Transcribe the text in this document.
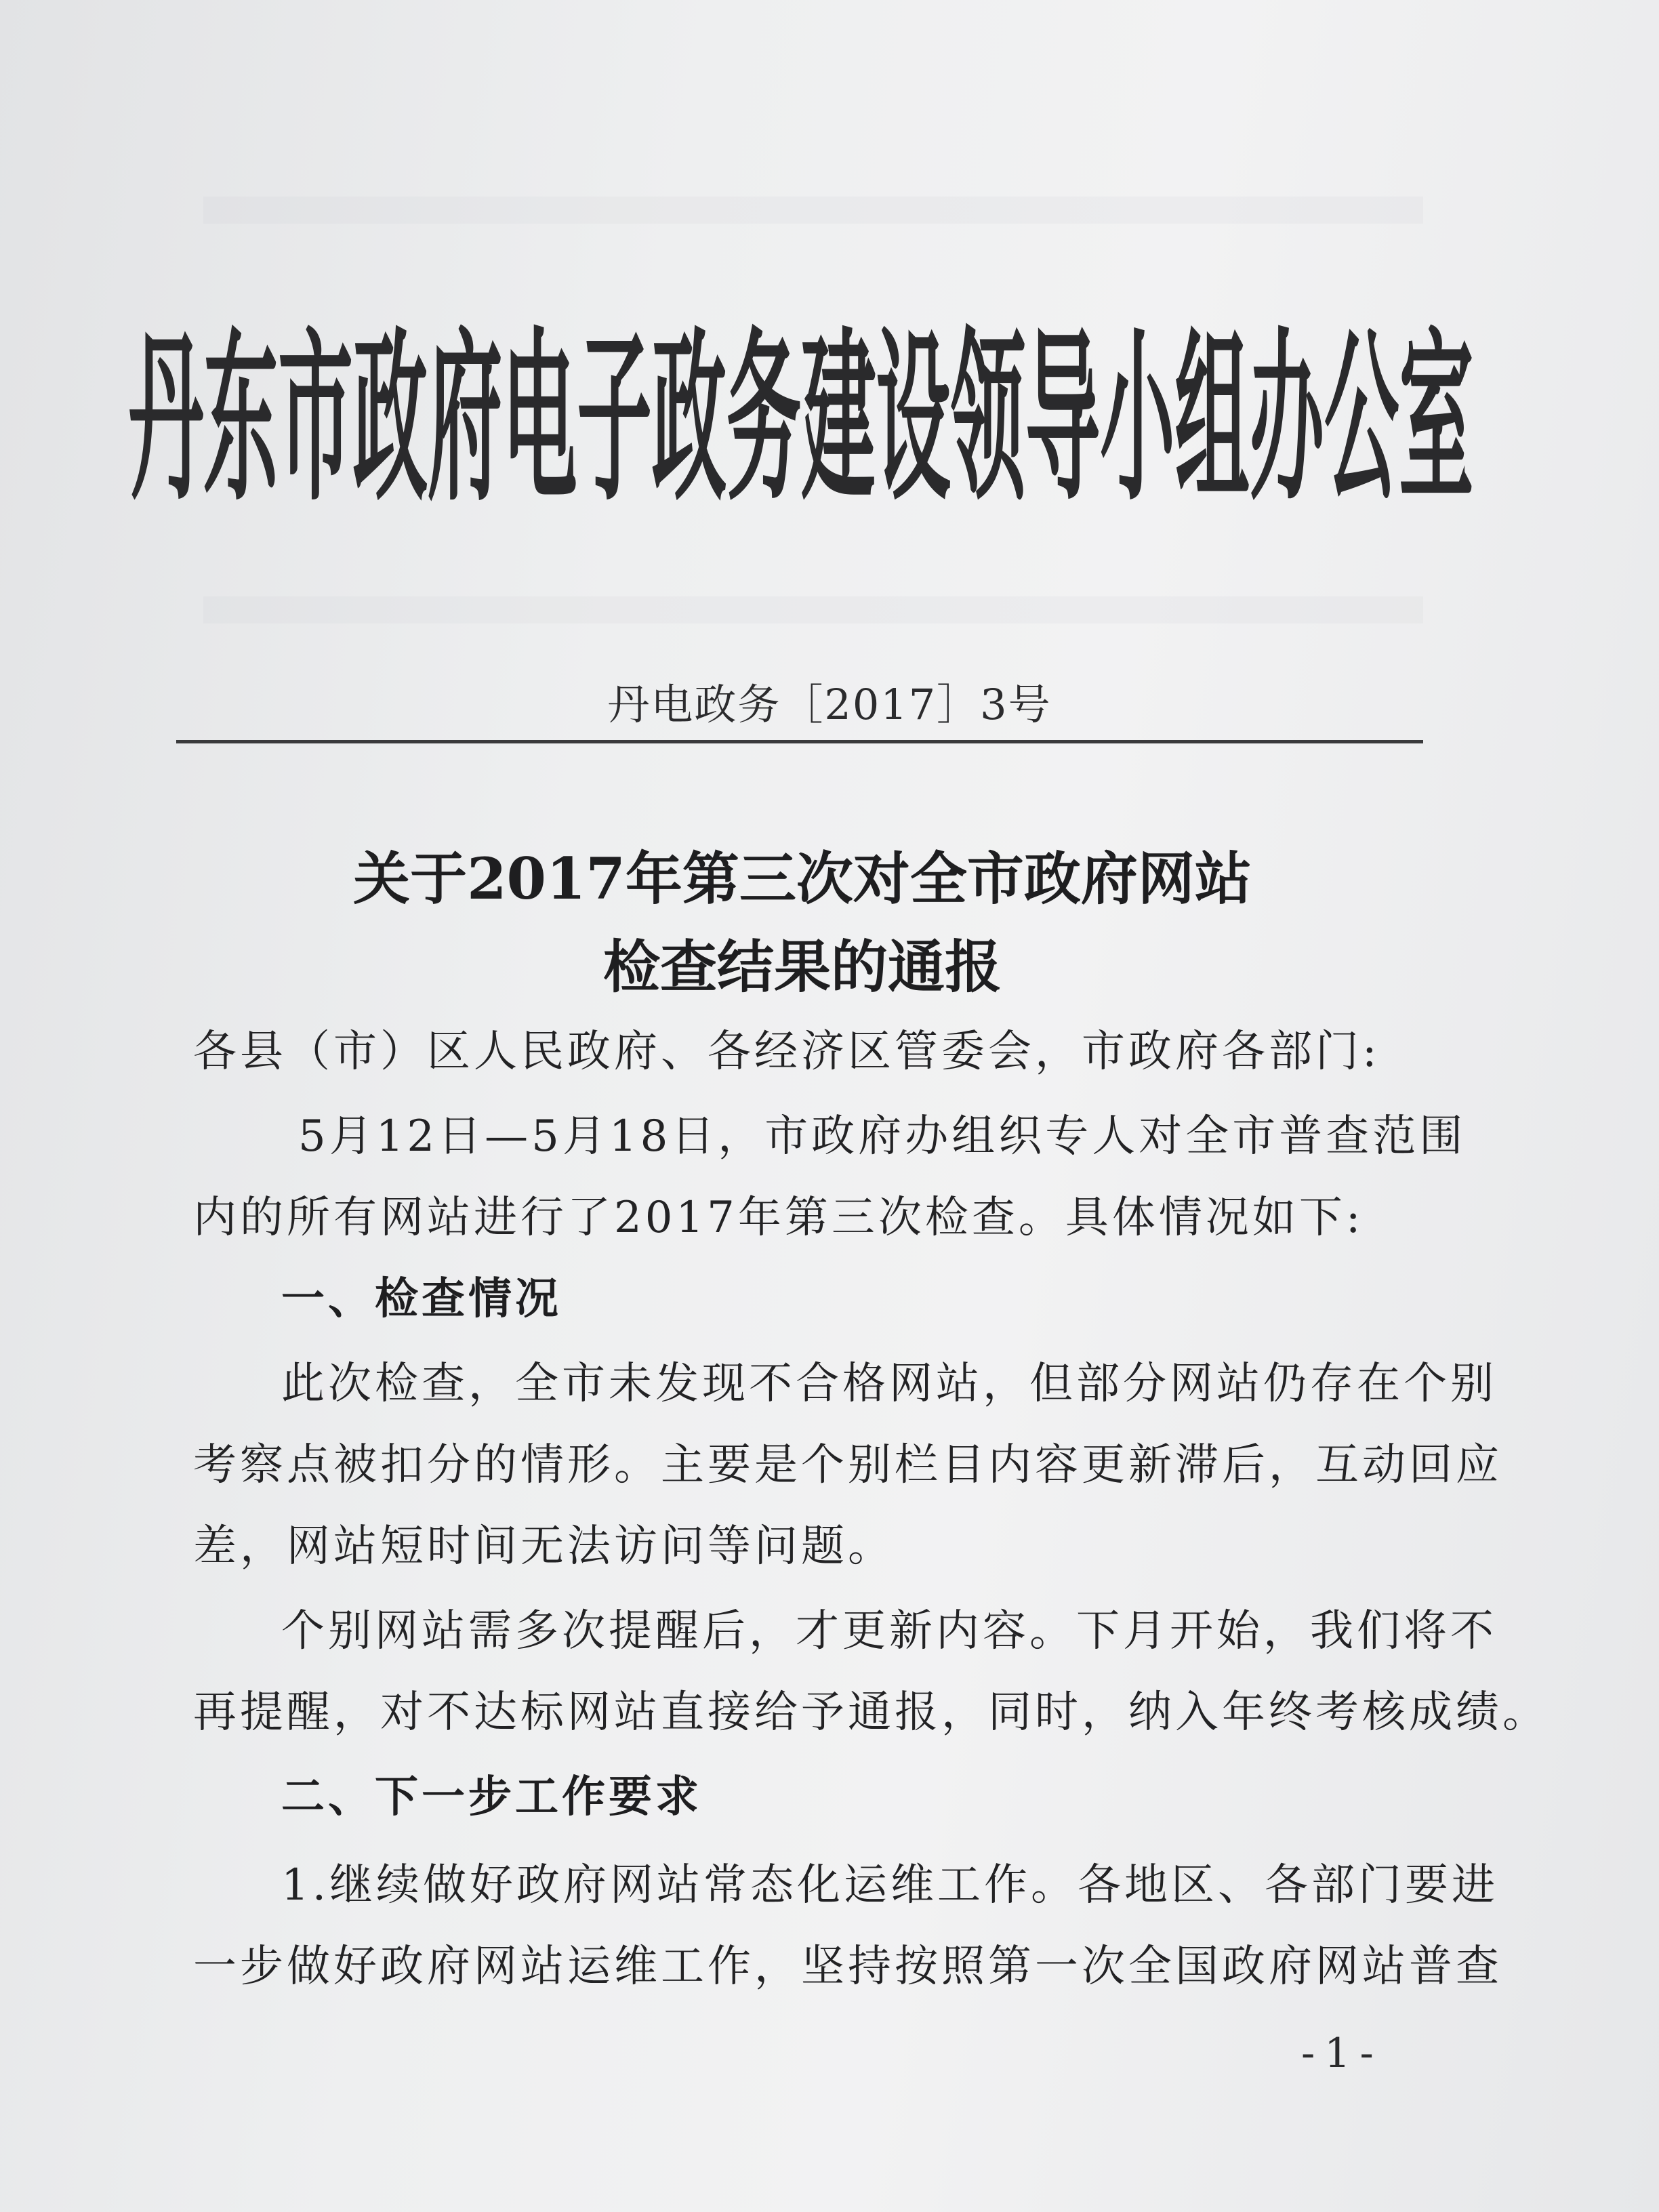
丹东市政府电子政务建设领导小组办公室
丹电政务［2017］3号
关于2017年第三次对全市政府网站
检查结果的通报
各县（市）区人民政府、各经济区管委会，市政府各部门:
5月12日—5月18日，市政府办组织专人对全市普查范围
内的所有网站进行了2017年第三次检查。具体情况如下:
一、检查情况
此次检查，全市未发现不合格网站，但部分网站仍存在个别
考察点被扣分的情形。主要是个别栏目内容更新滞后，互动回应
差，网站短时间无法访问等问题。
个别网站需多次提醒后，才更新内容。下月开始，我们将不
再提醒，对不达标网站直接给予通报，同时，纳入年终考核成绩。
二、下一步工作要求
1.继续做好政府网站常态化运维工作。各地区、各部门要进
一步做好政府网站运维工作，坚持按照第一次全国政府网站普查
-1-
